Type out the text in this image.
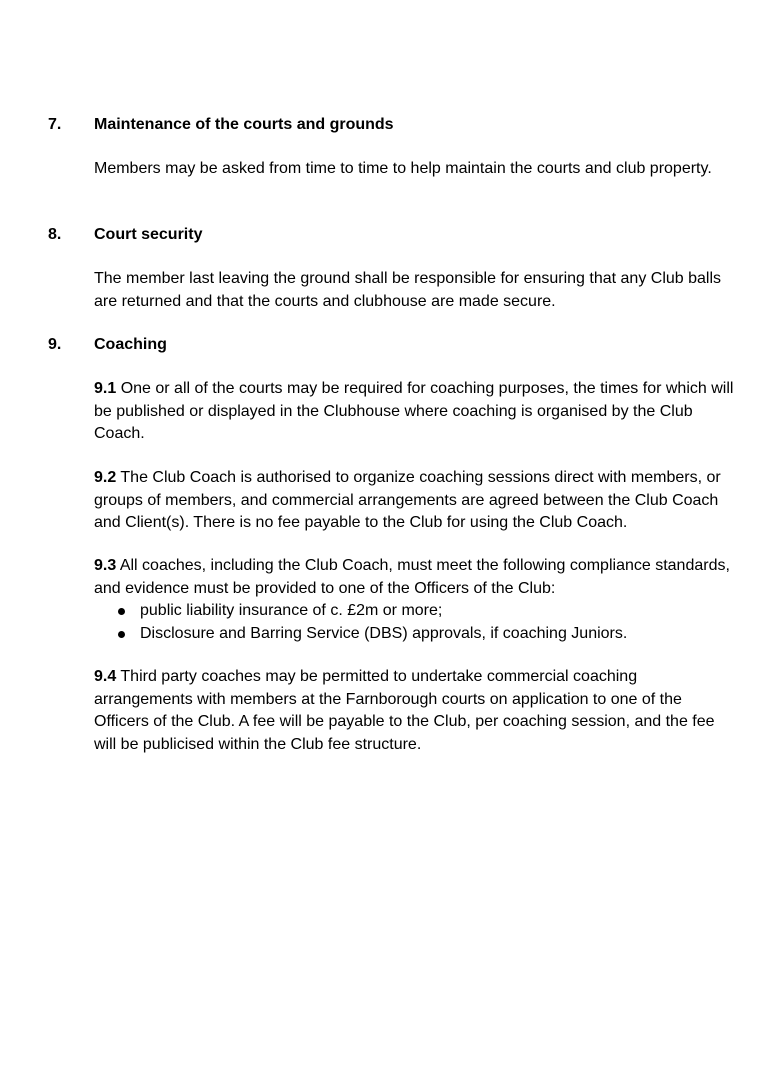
7. Maintenance of the courts and grounds

Members may be asked from time to time to help maintain the courts and club property.

8. Court security

The member last leaving the ground shall be responsible for ensuring that any Club balls are returned and that the courts and clubhouse are made secure.

9. Coaching

9.1 One or all of the courts may be required for coaching purposes, the times for which will be published or displayed in the Clubhouse where coaching is organised by the Club Coach.

9.2 The Club Coach is authorised to organize coaching sessions direct with members, or groups of members, and commercial arrangements are agreed between the Club Coach and Client(s). There is no fee payable to the Club for using the Club Coach.

9.3 All coaches, including the Club Coach, must meet the following compliance standards, and evidence must be provided to one of the Officers of the Club:

public liability insurance of c. £2m or more;
Disclosure and Barring Service (DBS) approvals, if coaching Juniors.

9.4 Third party coaches may be permitted to undertake commercial coaching arrangements with members at the Farnborough courts on application to one of the Officers of the Club. A fee will be payable to the Club, per coaching session, and the fee will be publicised within the Club fee structure.
